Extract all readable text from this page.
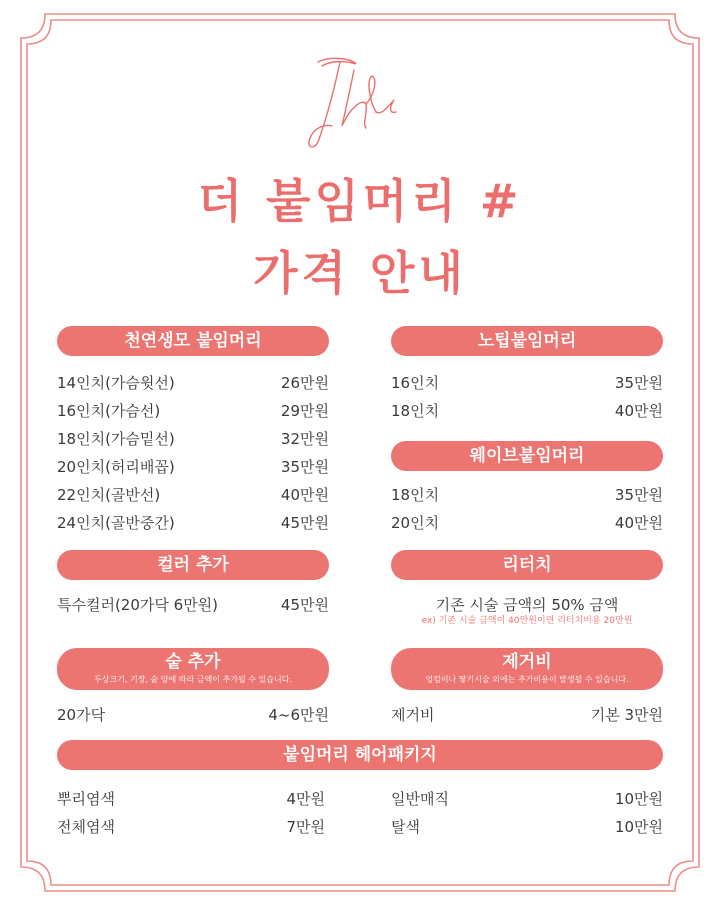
더 붙임머리 #
가격 안내
천연생모 붙임머리
14인치(가슴윗선)	26만원
16인치(가슴선)	29만원
18인치(가슴밑선)	32만원
20인치(허리배꼽)	35만원
22인치(골반선)	40만원
24인치(골반중간)	45만원
노팁붙임머리
16인치	35만원
18인치	40만원
웨이브붙임머리
18인치	35만원
20인치	40만원
컬러 추가
특수컬러(20가닥 6만원)	45만원
리터치
기존 시술 금액의 50% 금액
ex) 기존 시술 금액이 40만원이면 리터치비용 20만원
숱 추가
두상크기, 기장, 숱 양에 따라 금액이 추가될 수 있습니다.
20가닥	4~6만원
제거비
엉킴이나 땋기시술 외에는 추가비용이 발생될 수 있습니다.
제거비	기본 3만원
붙임머리 헤어패키지
뿌리염색	4만원
전체염색	7만원
일반매직	10만원
탈색	10만원
